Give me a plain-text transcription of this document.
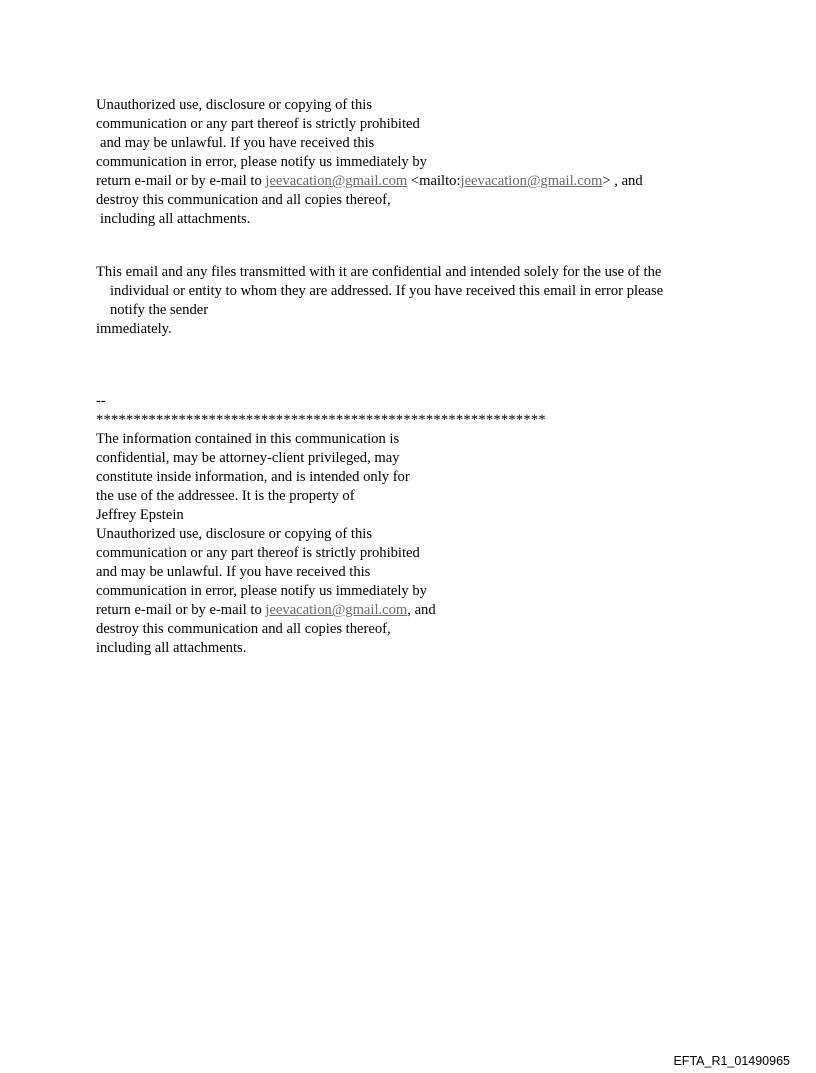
Unauthorized use, disclosure or copying of this
communication or any part thereof is strictly prohibited
and may be unlawful. If you have received this
communication in error, please notify us immediately by
return e-mail or by e-mail to jeevacation@gmail.com <mailto:jeevacation@gmail.com> , and
destroy this communication and all copies thereof,
including all attachments.
This email and any files transmitted with it are confidential and intended solely for the use of the
individual or entity to whom they are addressed. If you have received this email in error please
notify the sender
immediately.
--
************************************************************
The information contained in this communication is
confidential, may be attorney-client privileged, may
constitute inside information, and is intended only for
the use of the addressee. It is the property of
Jeffrey Epstein
Unauthorized use, disclosure or copying of this
communication or any part thereof is strictly prohibited
and may be unlawful. If you have received this
communication in error, please notify us immediately by
return e-mail or by e-mail to jeevacation@gmail.com, and
destroy this communication and all copies thereof,
including all attachments.
EFTA_R1_01490965
